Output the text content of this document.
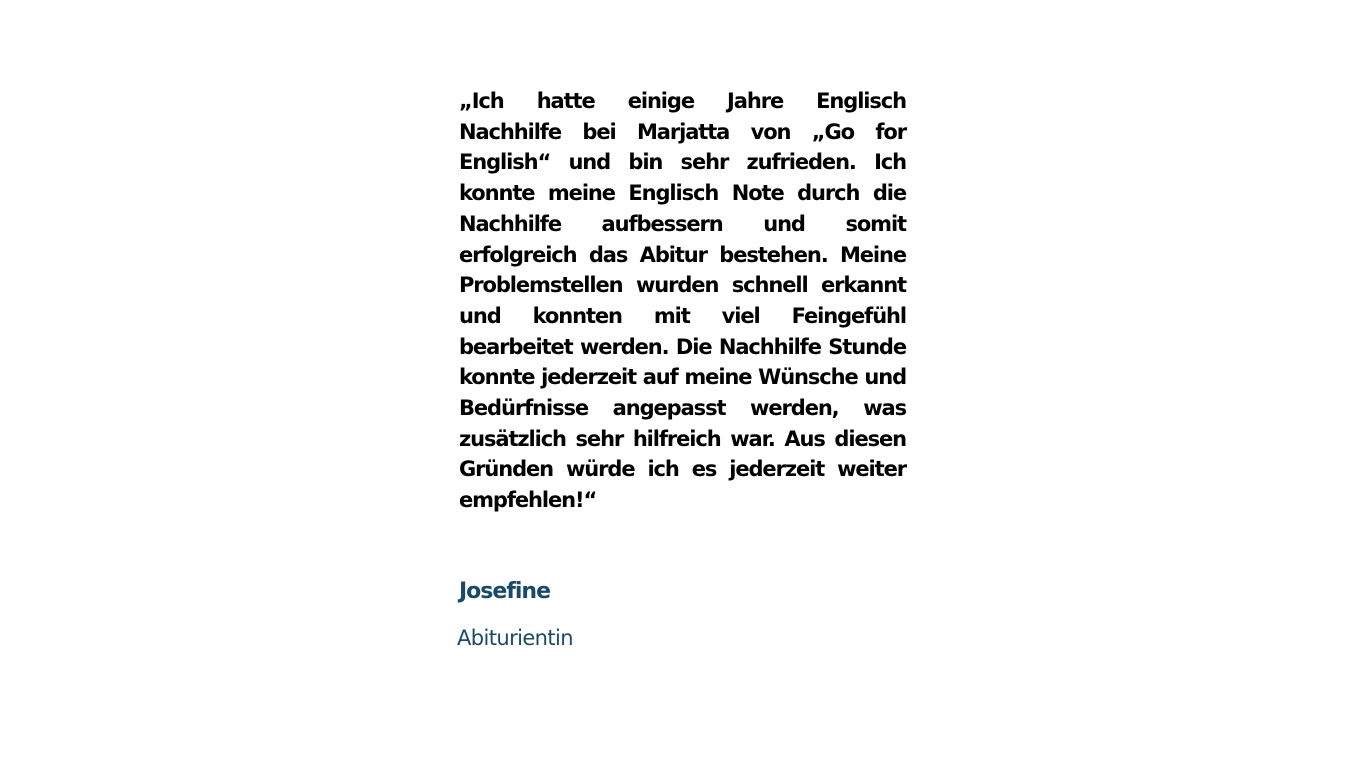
„Ich hatte einige Jahre Englisch Nachhilfe bei Marjatta von „Go for English“ und bin sehr zufrieden. Ich konnte meine Englisch Note durch die Nachhilfe aufbessern und somit erfolgreich das Abitur bestehen. Meine Problemstellen wurden schnell erkannt und konnten mit viel Feingefühl bearbeitet werden. Die Nachhilfe Stunde konnte jederzeit auf meine Wünsche und Bedürfnisse angepasst werden, was zusätzlich sehr hilfreich war. Aus diesen Gründen würde ich es jederzeit weiter empfehlen!“

Josefine

Abiturientin
